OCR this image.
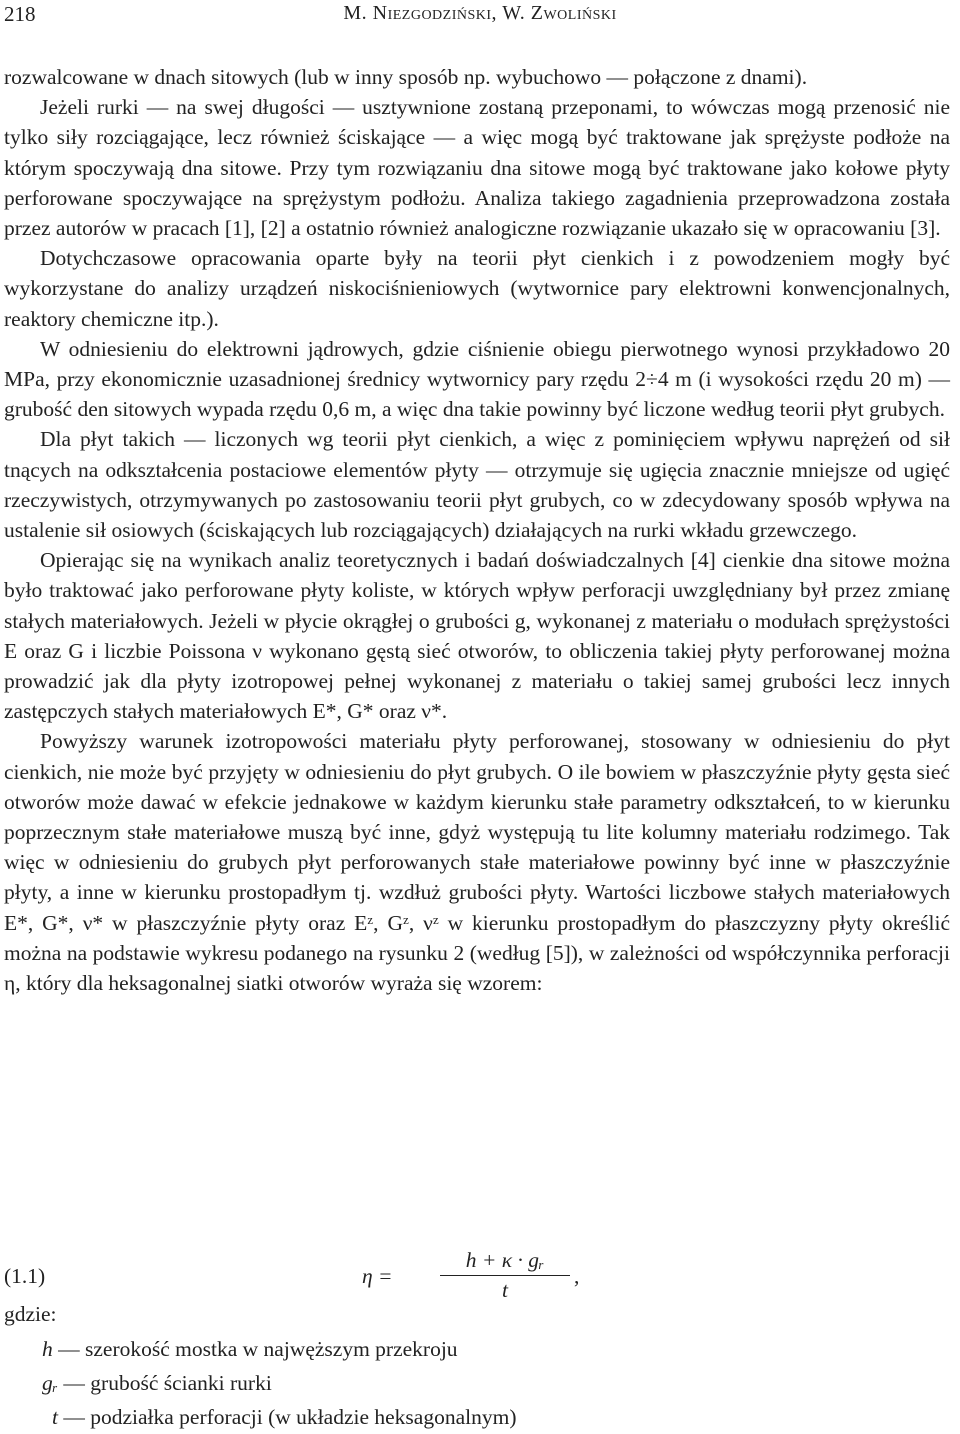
218	M. Niezgodziński, W. Zwoliński

rozwalcowane w dnach sitowych (lub w inny sposób np. wybuchowo — połączone z dnami).

Jeżeli rurki — na swej długości — usztywnione zostaną przeponami, to wówczas mogą przenosić nie tylko siły rozciągające, lecz również ściskające — a więc mogą być traktowane jak sprężyste podłoże na którym spoczywają dna sitowe. Przy tym rozwiązaniu dna sitowe mogą być traktowane jako kołowe płyty perforowane spoczywające na sprężystym podłożu. Analiza takiego zagadnienia przeprowadzona została przez autorów w pracach [1], [2] a ostatnio również analogiczne rozwiązanie ukazało się w opracowaniu [3].

Dotychczasowe opracowania oparte były na teorii płyt cienkich i z powodzeniem mogły być wykorzystane do analizy urządzeń niskociśnieniowych (wytwornice pary elektrowni konwencjonalnych, reaktory chemiczne itp.).

W odniesieniu do elektrowni jądrowych, gdzie ciśnienie obiegu pierwotnego wynosi przykładowo 20 MPa, przy ekonomicznie uzasadnionej średnicy wytwornicy pary rzędu 2÷4 m (i wysokości rzędu 20 m) — grubość den sitowych wypada rzędu 0,6 m, a więc dna takie powinny być liczone według teorii płyt grubych.

Dla płyt takich — liczonych wg teorii płyt cienkich, a więc z pominięciem wpływu naprężeń od sił tnących na odkształcenia postaciowe elementów płyty — otrzymuje się ugięcia znacznie mniejsze od ugięć rzeczywistych, otrzymywanych po zastosowaniu teorii płyt grubych, co w zdecydowany sposób wpływa na ustalenie sił osiowych (ściskających lub rozciągających) działających na rurki wkładu grzewczego.

Opierając się na wynikach analiz teoretycznych i badań doświadczalnych [4] cienkie dna sitowe można było traktować jako perforowane płyty koliste, w których wpływ perforacji uwzględniany był przez zmianę stałych materiałowych. Jeżeli w płycie okrągłej o grubości g, wykonanej z materiału o modułach sprężystości E oraz G i liczbie Poissona ν wykonano gęstą sieć otworów, to obliczenia takiej płyty perforowanej można prowadzić jak dla płyty izotropowej pełnej wykonanej z materiału o takiej samej grubości lecz innych zastępczych stałych materiałowych E*, G* oraz ν*.

Powyższy warunek izotropowości materiału płyty perforowanej, stosowany w odniesieniu do płyt cienkich, nie może być przyjęty w odniesieniu do płyt grubych. O ile bowiem w płaszczyźnie płyty gęsta sieć otworów może dawać w efekcie jednakowe w każdym kierunku stałe parametry odkształceń, to w kierunku poprzecznym stałe materiałowe muszą być inne, gdyż występują tu lite kolumny materiału rodzimego. Tak więc w odniesieniu do grubych płyt perforowanych stałe materiałowe powinny być inne w płaszczyźnie płyty, a inne w kierunku prostopadłym tj. wzdłuż grubości płyty. Wartości liczbowe stałych materiałowych E*, G*, ν* w płaszczyźnie płyty oraz Eᶻ, Gᶻ, νᶻ w kierunku prostopadłym do płaszczyzny płyty określić można na podstawie wykresu podanego na rysunku 2 (według [5]), w zależności od współczynnika perforacji η, który dla heksagonalnej siatki otworów wyraża się wzorem:

(1.1)	$\eta = \frac{\text{h + κ · gᵣ}}{t}$ ,
gdzie:
h — szerokość mostka w najwęższym przekroju
gᵣ — grubość ścianki rurki
t — podziałka perforacji (w układzie heksagonalnym)
